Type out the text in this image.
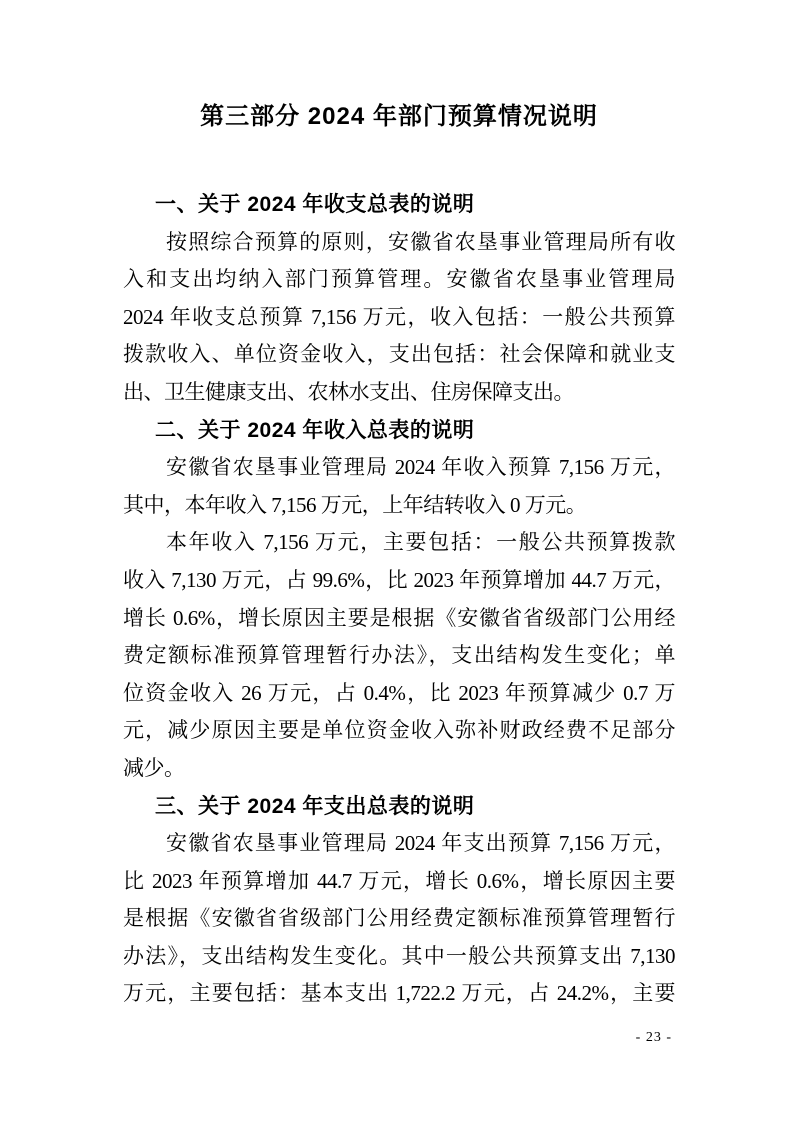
第三部分 2024 年部门预算情况说明
一、关于 2024 年收支总表的说明
按照综合预算的原则，安徽省农垦事业管理局所有收
入和支出均纳入部门预算管理。安徽省农垦事业管理局
2024 年收支总预算 7,156 万元，收入包括：一般公共预算
拨款收入、单位资金收入，支出包括：社会保障和就业支
出、卫生健康支出、农林水支出、住房保障支出。
二、关于 2024 年收入总表的说明
安徽省农垦事业管理局 2024 年收入预算 7,156 万元，
其中，本年收入 7,156 万元，上年结转收入 0 万元。
本年收入 7,156 万元，主要包括：一般公共预算拨款
收入 7,130 万元，占 99.6%，比 2023 年预算增加 44.7 万元，
增长 0.6%，增长原因主要是根据《安徽省省级部门公用经
费定额标准预算管理暂行办法》，支出结构发生变化；单
位资金收入 26 万元，占 0.4%，比 2023 年预算减少 0.7 万
元，减少原因主要是单位资金收入弥补财政经费不足部分
减少。
三、关于 2024 年支出总表的说明
安徽省农垦事业管理局 2024 年支出预算 7,156 万元，
比 2023 年预算增加 44.7 万元，增长 0.6%，增长原因主要
是根据《安徽省省级部门公用经费定额标准预算管理暂行
办法》，支出结构发生变化。其中一般公共预算支出 7,130
万元，主要包括：基本支出 1,722.2 万元，占 24.2%，主要
- 23 -
